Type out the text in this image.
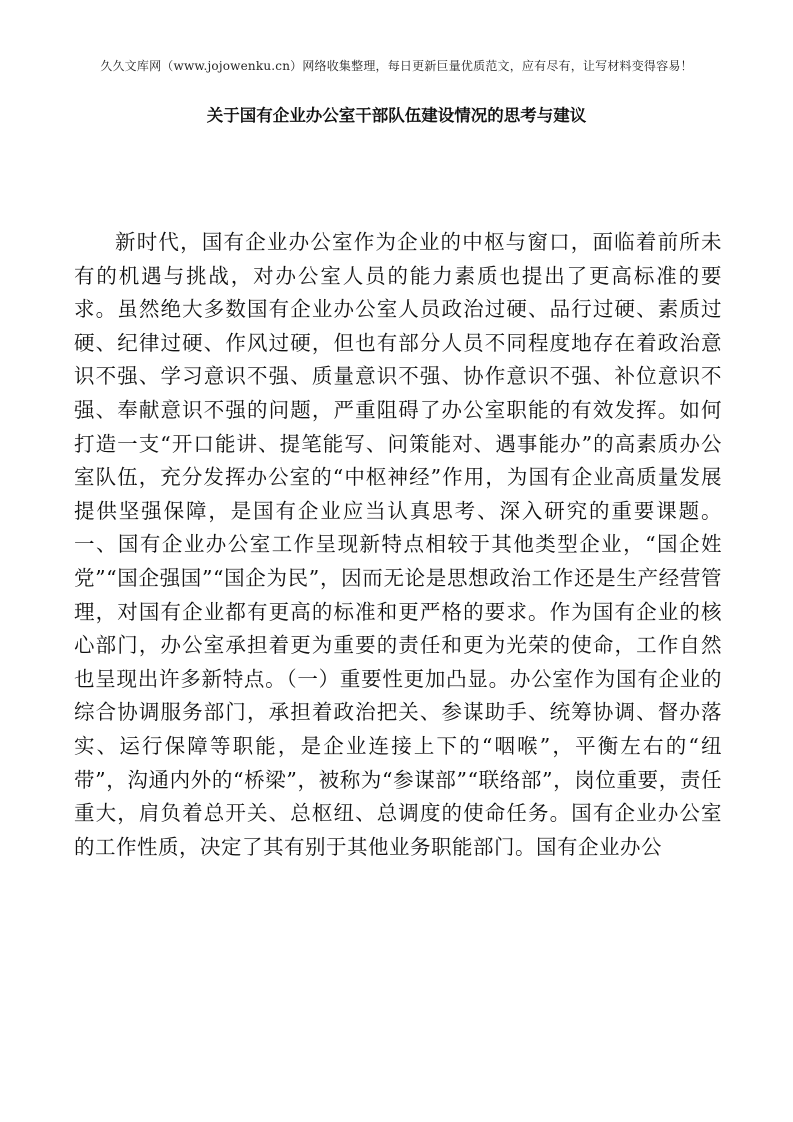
久久文库网（www.jojowenku.cn）网络收集整理，每日更新巨量优质范文，应有尽有，让写材料变得容易！
关于国有企业办公室干部队伍建设情况的思考与建议

新时代，国有企业办公室作为企业的中枢与窗口，面临着前所未有的机遇与挑战，对办公室人员的能力素质也提出了更高标准的要求。虽然绝大多数国有企业办公室人员政治过硬、品行过硬、素质过硬、纪律过硬、作风过硬，但也有部分人员不同程度地存在着政治意识不强、学习意识不强、质量意识不强、协作意识不强、补位意识不强、奉献意识不强的问题，严重阻碍了办公室职能的有效发挥。如何打造一支“开口能讲、提笔能写、问策能对、遇事能办”的高素质办公室队伍，充分发挥办公室的“中枢神经”作用，为国有企业高质量发展提供坚强保障，是国有企业应当认真思考、深入研究的重要课题。一、国有企业办公室工作呈现新特点相较于其他类型企业，“国企姓党”“国企强国”“国企为民”，因而无论是思想政治工作还是生产经营管理，对国有企业都有更高的标准和更严格的要求。作为国有企业的核心部门，办公室承担着更为重要的责任和更为光荣的使命，工作自然也呈现出许多新特点。（一）重要性更加凸显。办公室作为国有企业的综合协调服务部门，承担着政治把关、参谋助手、统筹协调、督办落实、运行保障等职能，是企业连接上下的“咽喉”，平衡左右的“纽带”，沟通内外的“桥梁”，被称为“参谋部”“联络部”，岗位重要，责任重大，肩负着总开关、总枢纽、总调度的使命任务。国有企业办公室的工作性质，决定了其有别于其他业务职能部门。国有企业办公
